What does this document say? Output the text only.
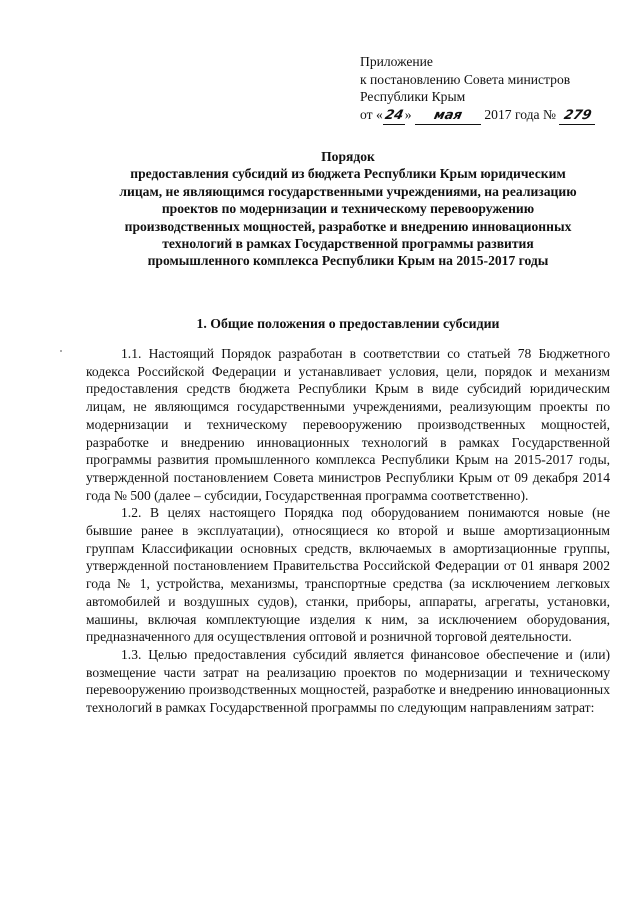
Приложение
к постановлению Совета министров
Республики Крым
от «24» мая 2017 года № 279
Порядок
предоставления субсидий из бюджета Республики Крым юридическим
лицам, не являющимся государственными учреждениями, на реализацию
проектов по модернизации и техническому перевооружению
производственных мощностей, разработке и внедрению инновационных
технологий в рамках Государственной программы развития
промышленного комплекса Республики Крым на 2015-2017 годы
1. Общие положения о предоставлении субсидии

1.1. Настоящий Порядок разработан в соответствии со статьей 78 Бюджетного кодекса Российской Федерации и устанавливает условия, цели, порядок и механизм предоставления средств бюджета Республики Крым в виде субсидий юридическим лицам, не являющимся государственными учреждениями, реализующим проекты по модернизации и техническому перевооружению производственных мощностей, разработке и внедрению инновационных технологий в рамках Государственной программы развития промышленного комплекса Республики Крым на 2015-2017 годы, утвержденной постановлением Совета министров Республики Крым от 09 декабря 2014 года № 500 (далее – субсидии, Государственная программа соответственно).

1.2. В целях настоящего Порядка под оборудованием понимаются новые (не бывшие ранее в эксплуатации), относящиеся ко второй и выше амортизационным группам Классификации основных средств, включаемых в амортизационные группы, утвержденной постановлением Правительства Российской Федерации от 01 января 2002 года № 1, устройства, механизмы, транспортные средства (за исключением легковых автомобилей и воздушных судов), станки, приборы, аппараты, агрегаты, установки, машины, включая комплектующие изделия к ним, за исключением оборудования, предназначенного для осуществления оптовой и розничной торговой деятельности.

1.3. Целью предоставления субсидий является финансовое обеспечение и (или) возмещение части затрат на реализацию проектов по модернизации и техническому перевооружению производственных мощностей, разработке и внедрению инновационных технологий в рамках Государственной программы по следующим направлениям затрат:
